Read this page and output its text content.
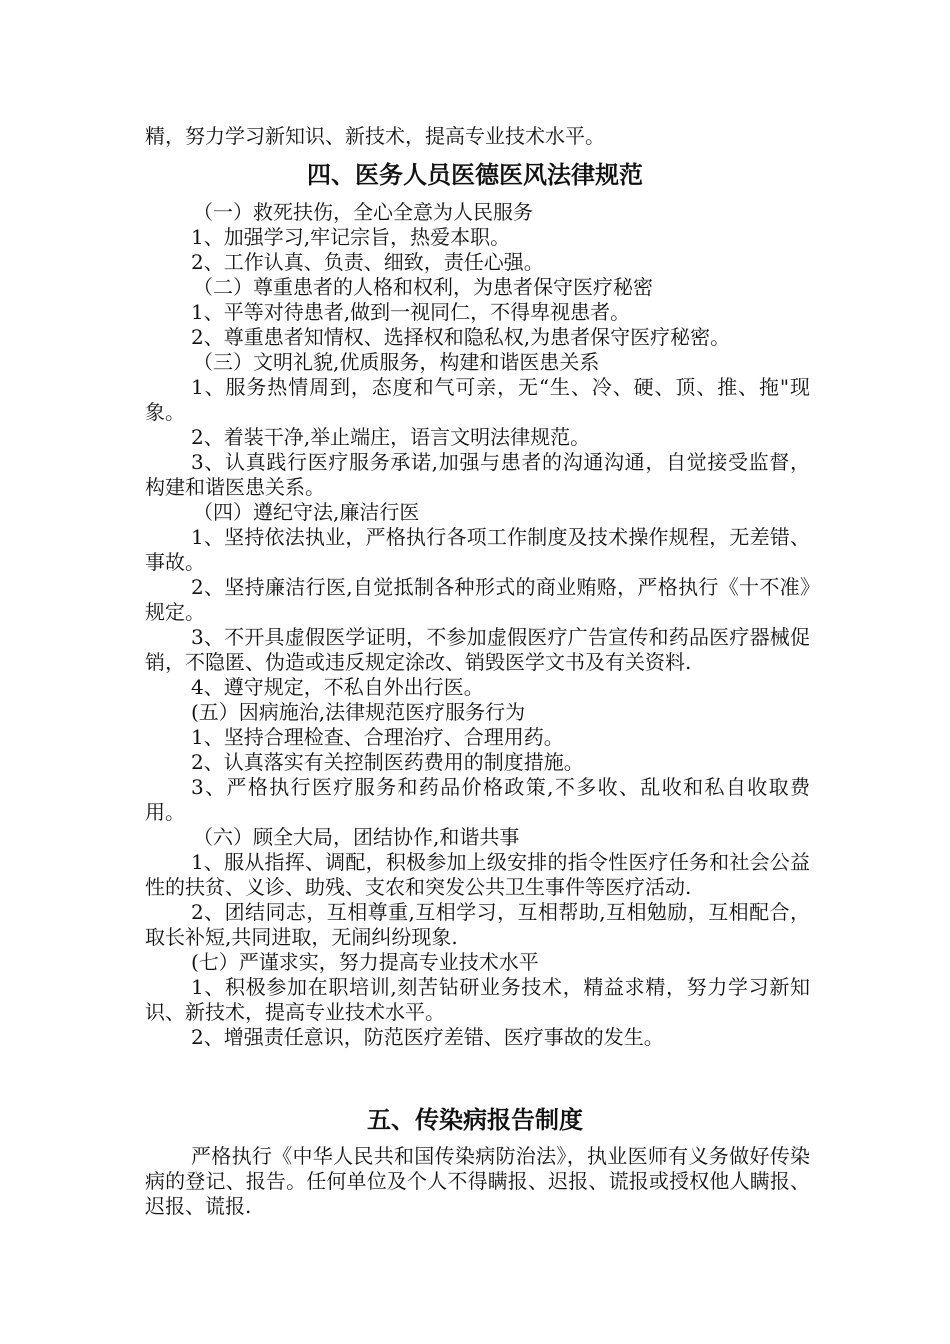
精，努力学习新知识、新技术，提高专业技术水平。
四、医务人员医德医风法律规范
（一）救死扶伤，全心全意为人民服务
1、加强学习,牢记宗旨，热爱本职。
2、工作认真、负责、细致，责任心强。
（二）尊重患者的人格和权利，为患者保守医疗秘密
1、平等对待患者,做到一视同仁，不得卑视患者。
2、尊重患者知情权、选择权和隐私权,为患者保守医疗秘密。
（三）文明礼貌,优质服务，构建和谐医患关系
1、服务热情周到，态度和气可亲，无“生、冷、硬、顶、推、拖"现象。
2、着装干净,举止端庄，语言文明法律规范。
3、认真践行医疗服务承诺,加强与患者的沟通沟通，自觉接受监督，构建和谐医患关系。
（四）遵纪守法,廉洁行医
1、坚持依法执业，严格执行各项工作制度及技术操作规程，无差错、事故。
2、坚持廉洁行医,自觉抵制各种形式的商业贿赂，严格执行《十不准》规定。
3、不开具虚假医学证明，不参加虚假医疗广告宣传和药品医疗器械促销，不隐匿、伪造或违反规定涂改、销毁医学文书及有关资料.
4、遵守规定，不私自外出行医。
(五）因病施治,法律规范医疗服务行为
1、坚持合理检查、合理治疗、合理用药。
2、认真落实有关控制医药费用的制度措施。
3、严格执行医疗服务和药品价格政策,不多收、乱收和私自收取费用。
（六）顾全大局，团结协作,和谐共事
1、服从指挥、调配，积极参加上级安排的指令性医疗任务和社会公益性的扶贫、义诊、助残、支农和突发公共卫生事件等医疗活动.
2、团结同志，互相尊重,互相学习，互相帮助,互相勉励，互相配合，取长补短,共同进取，无闹纠纷现象.
(七）严谨求实，努力提高专业技术水平
1、积极参加在职培训,刻苦钻研业务技术，精益求精，努力学习新知识、新技术，提高专业技术水平。
2、增强责任意识，防范医疗差错、医疗事故的发生。
五、传染病报告制度
严格执行《中华人民共和国传染病防治法》，执业医师有义务做好传染病的登记、报告。任何单位及个人不得瞒报、迟报、谎报或授权他人瞒报、迟报、谎报.
